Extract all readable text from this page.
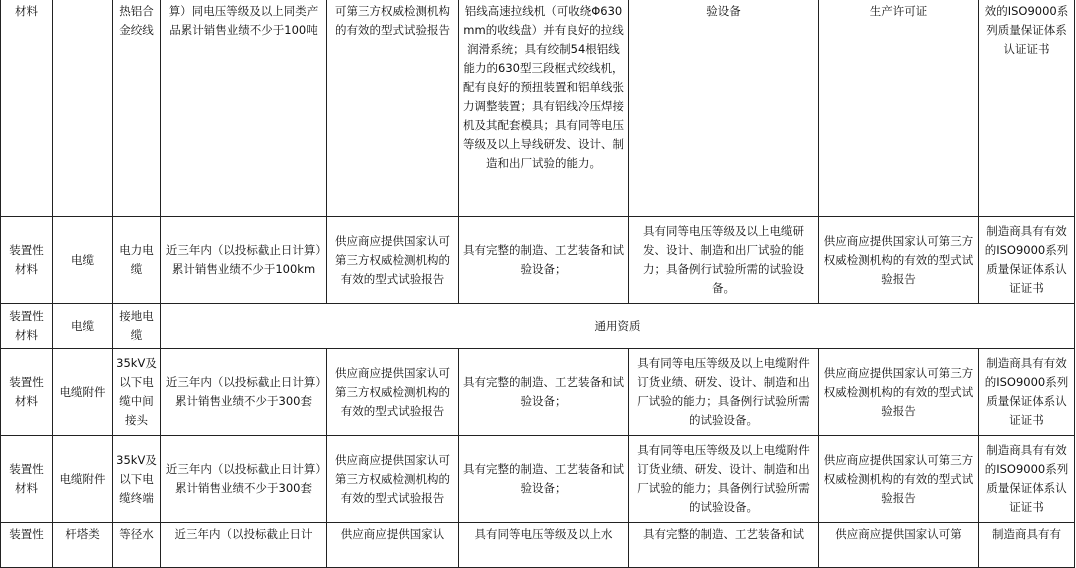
材料		热铝合金绞线	算）同电压等级及以上同类产品累计销售业绩不少于100吨	可第三方权威检测机构的有效的型式试验报告	铝线高速拉线机（可收绕Φ630mm的收线盘）并有良好的拉线润滑系统；具有绞制54根铝线能力的630型三段框式绞线机，配有良好的预扭装置和铝单线张力调整装置；具有铝线冷压焊接机及其配套模具；具有同等电压等级及以上导线研发、设计、制造和出厂试验的能力。	验设备	生产许可证	效的ISO9000系列质量保证体系认证证书
装置性材料	电缆	电力电缆	近三年内（以投标截止日计算）累计销售业绩不少于100km	供应商应提供国家认可第三方权威检测机构的有效的型式试验报告	具有完整的制造、工艺装备和试验设备；	具有同等电压等级及以上电缆研发、设计、制造和出厂试验的能力；具备例行试验所需的试验设备。	供应商应提供国家认可第三方权威检测机构的有效的型式试验报告	制造商具有有效的ISO9000系列质量保证体系认证证书
装置性材料	电缆	接地电缆	通用资质					
装置性材料	电缆附件	35kV及以下电缆中间接头	近三年内（以投标截止日计算）累计销售业绩不少于300套	供应商应提供国家认可第三方权威检测机构的有效的型式试验报告	具有完整的制造、工艺装备和试验设备；	具有同等电压等级及以上电缆附件订货业绩、研发、设计、制造和出厂试验的能力；具备例行试验所需的试验设备。	供应商应提供国家认可第三方权威检测机构的有效的型式试验报告	制造商具有有效的ISO9000系列质量保证体系认证证书
装置性材料	电缆附件	35kV及以下电缆终端	近三年内（以投标截止日计算）累计销售业绩不少于300套	供应商应提供国家认可第三方权威检测机构的有效的型式试验报告	具有完整的制造、工艺装备和试验设备；	具有同等电压等级及以上电缆附件订货业绩、研发、设计、制造和出厂试验的能力；具备例行试验所需的试验设备。	供应商应提供国家认可第三方权威检测机构的有效的型式试验报告	制造商具有有效的ISO9000系列质量保证体系认证证书
装置性	杆塔类	等径水	近三年内（以投标截止日计	供应商应提供国家认	具有同等电压等级及以上水	具有完整的制造、工艺装备和试	供应商应提供国家认可第	制造商具有有
